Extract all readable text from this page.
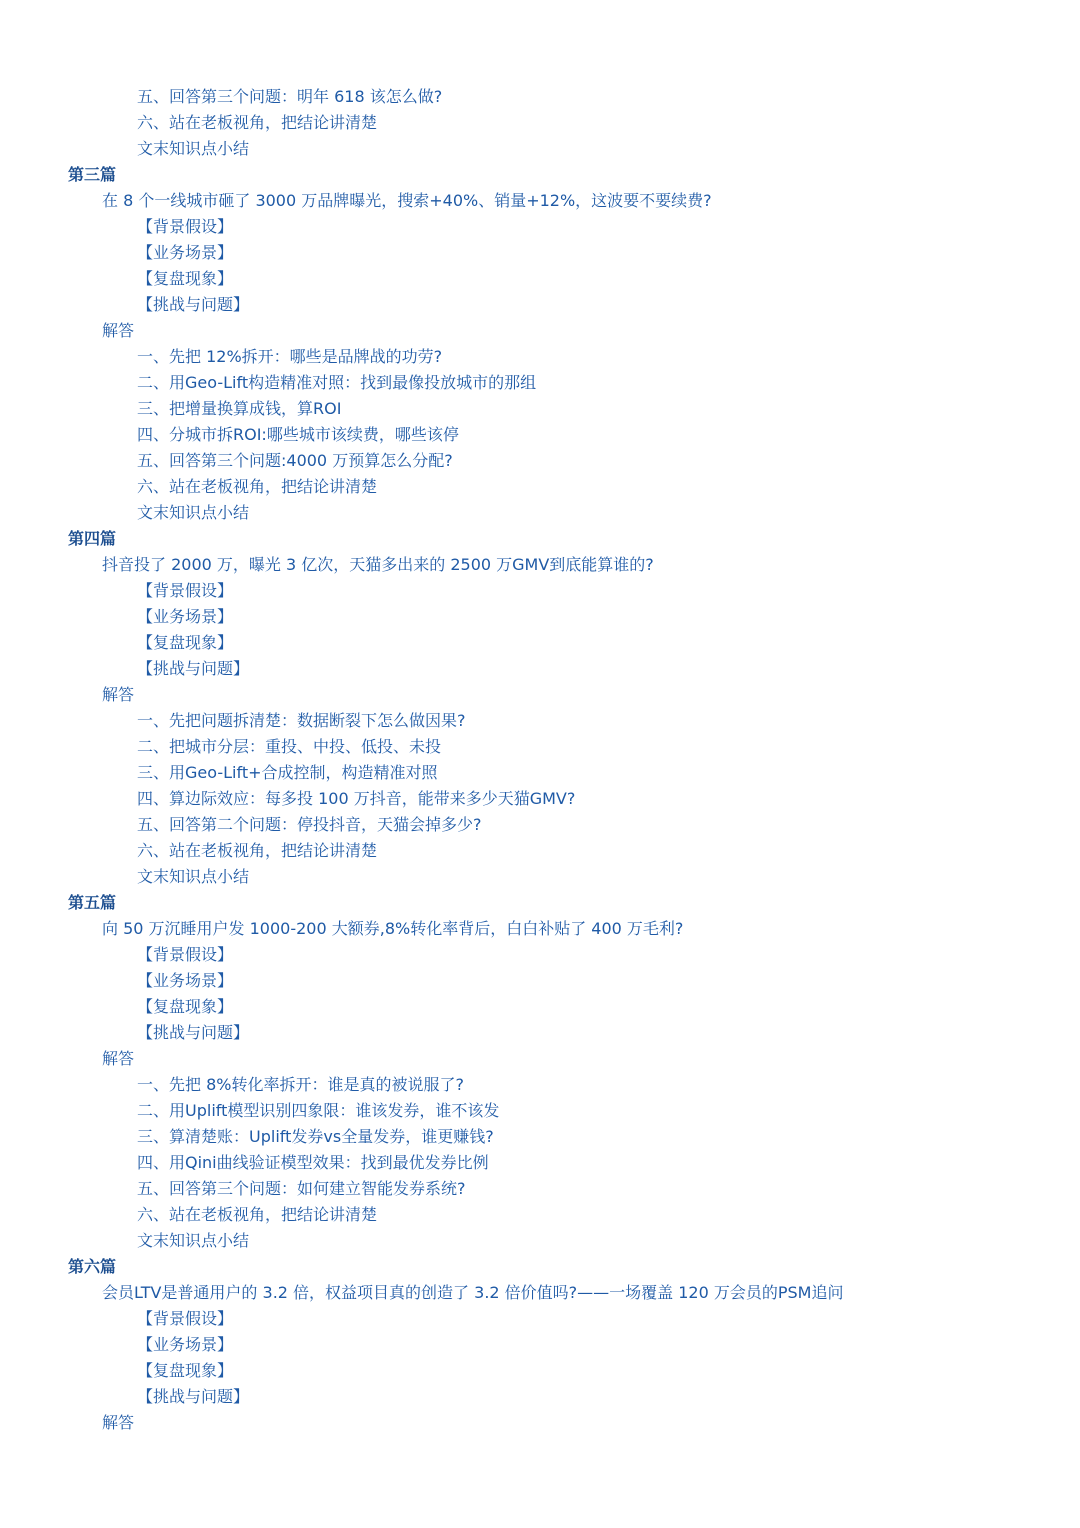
五、回答第三个问题：明年 618 该怎么做?
六、站在老板视角，把结论讲清楚
文末知识点小结
第三篇
在 8 个一线城市砸了 3000 万品牌曝光，搜索+40%、销量+12%，这波要不要续费?
【背景假设】
【业务场景】
【复盘现象】
【挑战与问题】
解答
一、先把 12%拆开：哪些是品牌战的功劳?
二、用Geo-Lift构造精准对照：找到最像投放城市的那组
三、把增量换算成钱，算ROI
四、分城市拆ROI:哪些城市该续费，哪些该停
五、回答第三个问题:4000 万预算怎么分配?
六、站在老板视角，把结论讲清楚
文末知识点小结
第四篇
抖音投了 2000 万，曝光 3 亿次，天猫多出来的 2500 万GMV到底能算谁的?
【背景假设】
【业务场景】
【复盘现象】
【挑战与问题】
解答
一、先把问题拆清楚：数据断裂下怎么做因果?
二、把城市分层：重投、中投、低投、未投
三、用Geo-Lift+合成控制，构造精准对照
四、算边际效应：每多投 100 万抖音，能带来多少天猫GMV?
五、回答第二个问题：停投抖音，天猫会掉多少?
六、站在老板视角，把结论讲清楚
文末知识点小结
第五篇
向 50 万沉睡用户发 1000-200 大额券,8%转化率背后，白白补贴了 400 万毛利?
【背景假设】
【业务场景】
【复盘现象】
【挑战与问题】
解答
一、先把 8%转化率拆开：谁是真的被说服了?
二、用Uplift模型识别四象限：谁该发券，谁不该发
三、算清楚账：Uplift发券vs全量发券，谁更赚钱?
四、用Qini曲线验证模型效果：找到最优发券比例
五、回答第三个问题：如何建立智能发券系统?
六、站在老板视角，把结论讲清楚
文末知识点小结
第六篇
会员LTV是普通用户的 3.2 倍，权益项目真的创造了 3.2 倍价值吗?——一场覆盖 120 万会员的PSM追问
【背景假设】
【业务场景】
【复盘现象】
【挑战与问题】
解答
